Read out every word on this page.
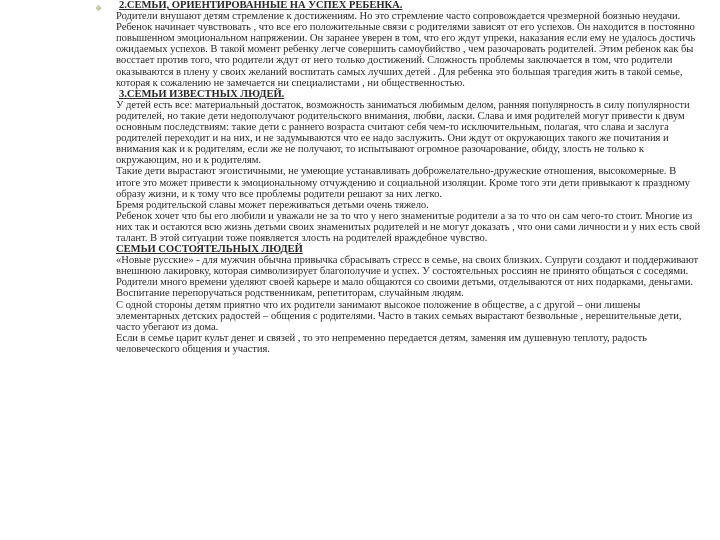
❖ 2.СЕМЬИ, ОРИЕНТИРОВАННЫЕ НА УСПЕХ РЕБЕНКА.

Родители внушают детям стремление к достижениям. Но это стремление часто сопровождается чрезмерной боязнью неудачи. Ребенок начинает чувствовать , что все его положительные связи с родителями зависят от его успехов. Он находится в постоянно повышенном эмоциональном напряжении. Он заранее уверен в том, что его ждут упреки, наказания если ему не удалось достичь ожидаемых успехов. В такой момент ребенку легче совершить самоубийство , чем разочаровать родителей. Этим ребенок как бы восстает против того, что родители ждут от него только достижений. Сложность проблемы заключается в том, что родители оказываются в плену у своих желаний воспитать самых лучших детей . Для ребенка это большая трагедия жить в такой семье, которая к сожалению не замечается ни специалистами , ни общественностью.

3.СЕМЬИ ИЗВЕСТНЫХ ЛЮДЕЙ.

У детей есть все: материальный достаток, возможность заниматься любимым делом, ранняя популярность в силу популярности родителей, но такие дети недополучают родительского внимания, любви, ласки. Слава и имя родителей могут привести к двум основным последствиям: такие дети с раннего возраста считают себя чем-то исключительным, полагая, что слава и заслуга родителей переходит и на них, и не задумываются что ее надо заслужить. Они ждут от окружающих такого же почитания и внимания как и к родителям, если же не получают, то испытывают огромное разочарование, обиду, злость не только к окружающим, но и к родителям.

Такие дети вырастают эгоистичными, не умеющие устанавливать доброжелательно-дружеские отношения, высокомерные. В итоге это может привести к эмоциональному отчуждению и социальной изоляции. Кроме того эти дети привыкают к праздному образу жизни, и к тому что все проблемы родители решают за них легко.

Бремя родительской славы может переживаться детьми очень тяжело.

Ребенок хочет что бы его любили и уважали не за то что у него знаменитые родители а за то что он сам чего-то стоит. Многие из них так и остаются всю жизнь детьми своих знаменитых родителей и не могут доказать , что они сами личности и у них есть свой талант. В этой ситуации тоже появляется злость на родителей враждебное чувство.

СЕМЬИ СОСТОЯТЕЛЬНЫХ ЛЮДЕЙ

«Новые русские» - для мужчин обычна привычка сбрасывать стресс в семье, на своих близких. Супруги создают и поддерживают внешнюю лакировку, которая символизирует благополучие и успех. У состоятельных россиян не принято общаться с соседями. Родители много времени уделяют своей карьере и мало общаются со своими детьми, отделываются от них подарками, деньгами. Воспитание перепоручаться родственникам, репетиторам, случайным людям.

С одной стороны детям приятно что их родители занимают высокое положение в обществе, а с другой – они лишены элементарных детских радостей – общения с родителями. Часто в таких семьях вырастают безвольные , нерешительные дети, часто убегают из дома.

Если в семье царит культ денег и связей , то это непременно передается детям, заменяя им душевную теплоту, радость человеческого общения и участия.
